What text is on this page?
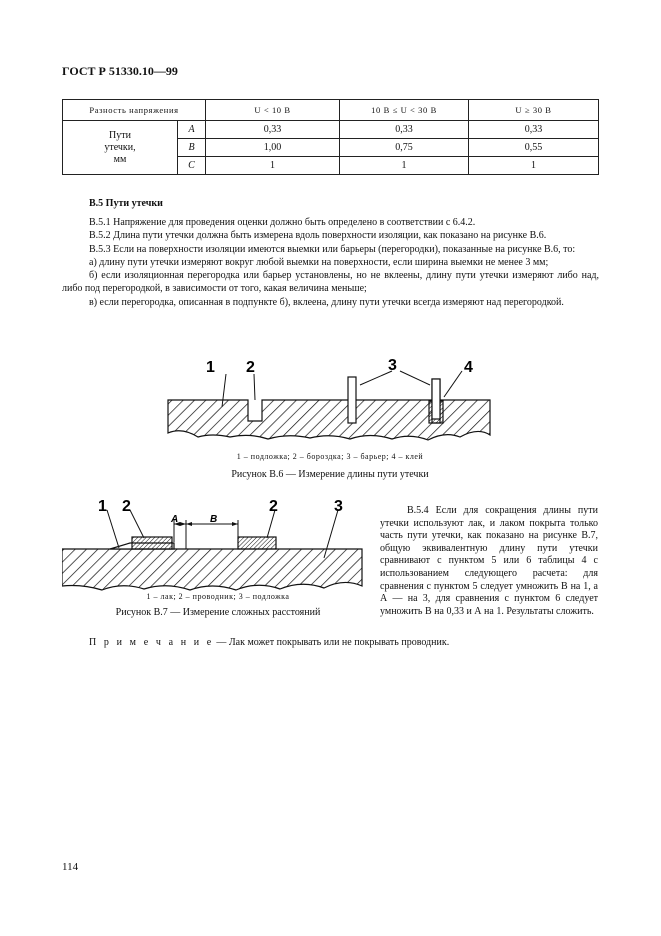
ГОСТ Р 51330.10—99
Разность напряжения		U < 10 В	10 В ≤ U < 30 В	U ≥ 30 В
Пути утечки, мм	A	0,33	0,33	0,33
	B	1,00	0,75	0,55
	C	1	1	1
В.5 Пути утечки

В.5.1 Напряжение для проведения оценки должно быть определено в соответствии с 6.4.2.

В.5.2 Длина пути утечки должна быть измерена вдоль поверхности изоляции, как показано на рисунке В.6.

В.5.3 Если на поверхности изоляции имеются выемки или барьеры (перегородки), показанные на рисунке В.6, то:

а) длину пути утечки измеряют вокруг любой выемки на поверхности, если ширина выемки не менее 3 мм;

б) если изоляционная перегородка или барьер установлены, но не вклеены, длину пути утечки измеряют либо над, либо под перегородкой, в зависимости от того, какая величина меньше;

в) если перегородка, описанная в подпункте б), вклеена, длину пути утечки всегда измеряют над перегородкой.

1 2	3	4
1 – подложка; 2 – бороздка; 3 – барьер; 4 – клей
Рисунок В.6 — Измерение длины пути утечки
A	B
1 2	2	3
1 – лак; 2 – проводник; 3 – подложка
Рисунок В.7 — Измерение сложных расстояний

В.5.4 Если для сокращения длины пути утечки используют лак, и лаком покрыта только часть пути утечки, как показано на рисунке В.7, общую эквивалентную длину пути утечки сравнивают с пунктом 5 или 6 таблицы 4 с использованием следующего расчета: для сравнения с пунктом 5 следует умножить В на 1, а А — на 3, для сравнения с пунктом 6 следует умножить В на 0,33 и А на 1. Результаты сложить.

П р и м е ч а н и е — Лак может покрывать или не покрывать проводник.
114
